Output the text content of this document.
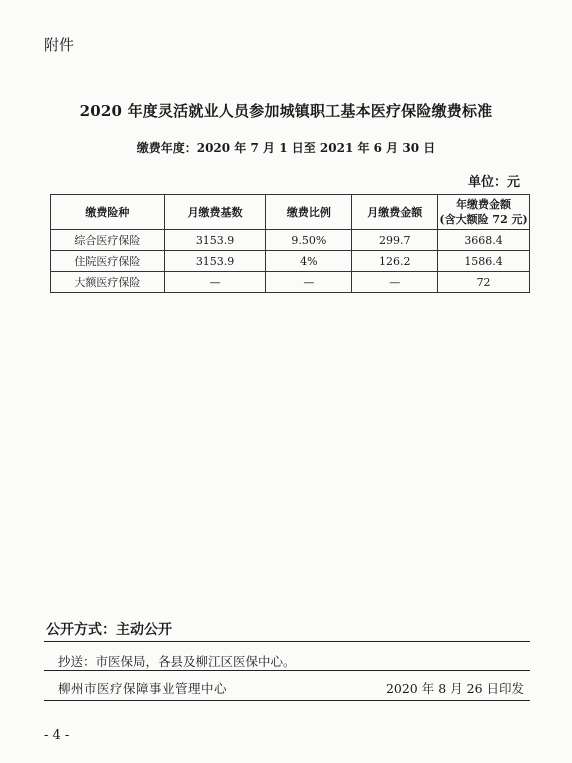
附件
2020 年度灵活就业人员参加城镇职工基本医疗保险缴费标准
缴费年度：2020 年 7 月 1 日至 2021 年 6 月 30 日
单位：元
缴费险种	月缴费基数	缴费比例	月缴费金额	年缴费金额
(含大额险 72 元)

综合医疗保险	3153.9	9.50%	299.7	3668.4
住院医疗保险	3153.9	4%	126.2	1586.4
大额医疗保险	—	—	—	72
公开方式：主动公开
抄送：市医保局，各县及柳江区医保中心。
柳州市医疗保障事业管理中心	2020 年 8 月 26 日印发
- 4 -
